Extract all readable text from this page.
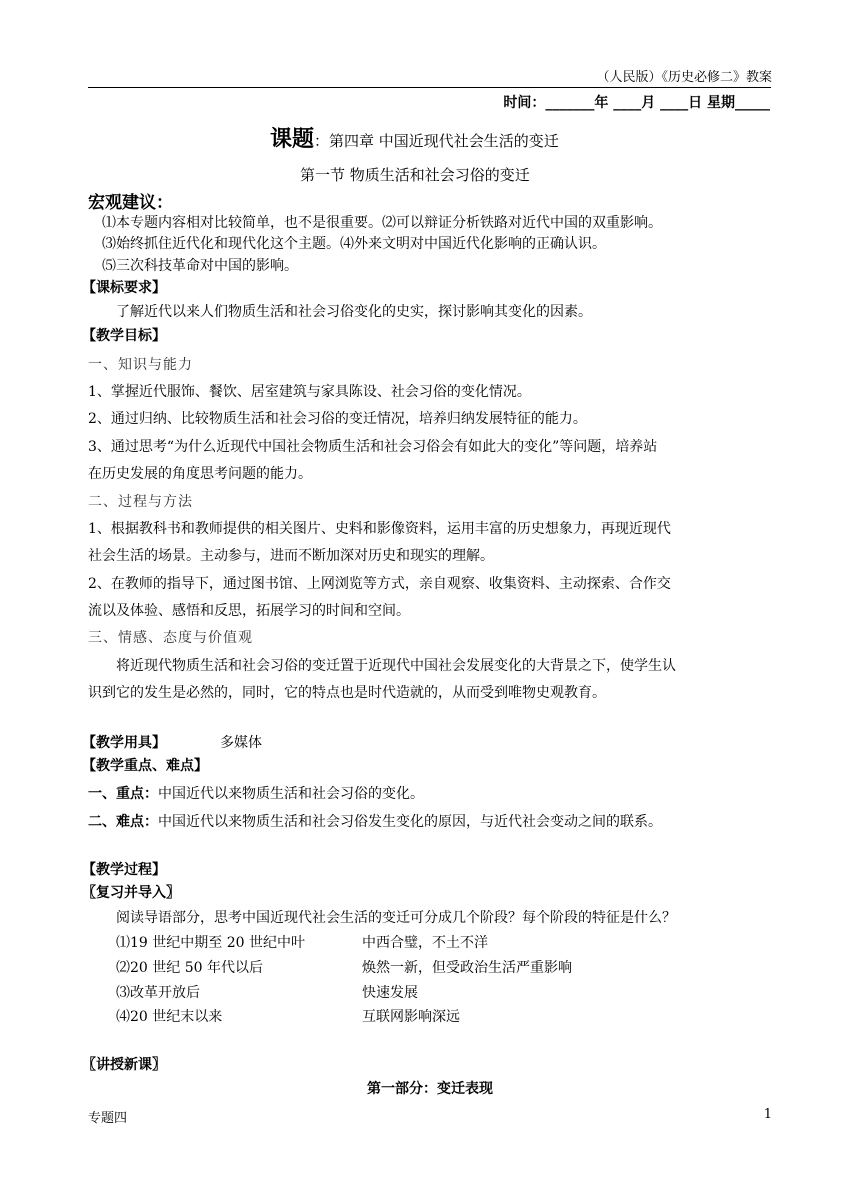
（人民版）《历史必修二》教案
时间：_______年 ____月 ____日 星期_____
课题：第四章 中国近现代社会生活的变迁
第一节 物质生活和社会习俗的变迁
宏观建议：
⑴本专题内容相对比较简单，也不是很重要。⑵可以辩证分析铁路对近代中国的双重影响。
⑶始终抓住近代化和现代化这个主题。⑷外来文明对中国近代化影响的正确认识。
⑸三次科技革命对中国的影响。
【课标要求】
了解近代以来人们物质生活和社会习俗变化的史实，探讨影响其变化的因素。
【教学目标】
一、知识与能力
1、掌握近代服饰、餐饮、居室建筑与家具陈设、社会习俗的变化情况。
2、通过归纳、比较物质生活和社会习俗的变迁情况，培养归纳发展特征的能力。
3、通过思考“为什么近现代中国社会物质生活和社会习俗会有如此大的变化”等问题，培养站
在历史发展的角度思考问题的能力。
二、过程与方法
1、根据教科书和教师提供的相关图片、史料和影像资料，运用丰富的历史想象力，再现近现代
社会生活的场景。主动参与，进而不断加深对历史和现实的理解。
2、在教师的指导下，通过图书馆、上网浏览等方式，亲自观察、收集资料、主动探索、合作交
流以及体验、感悟和反思，拓展学习的时间和空间。
三、情感、态度与价值观
将近现代物质生活和社会习俗的变迁置于近现代中国社会发展变化的大背景之下，使学生认
识到它的发生是必然的，同时，它的特点也是时代造就的，从而受到唯物史观教育。
【教学用具】	多媒体
【教学重点、难点】
一、重点：中国近代以来物质生活和社会习俗的变化。
二、难点：中国近代以来物质生活和社会习俗发生变化的原因，与近代社会变动之间的联系。
【教学过程】
〖复习并导入〗
阅读导语部分，思考中国近现代社会生活的变迁可分成几个阶段？每个阶段的特征是什么？
⑴19 世纪中期至 20 世纪中叶	中西合璧，不土不洋
⑵20 世纪 50 年代以后	焕然一新，但受政治生活严重影响
⑶改革开放后	快速发展
⑷20 世纪末以来	互联网影响深远
〖讲授新课〗
第一部分：变迁表现
专题四	1
